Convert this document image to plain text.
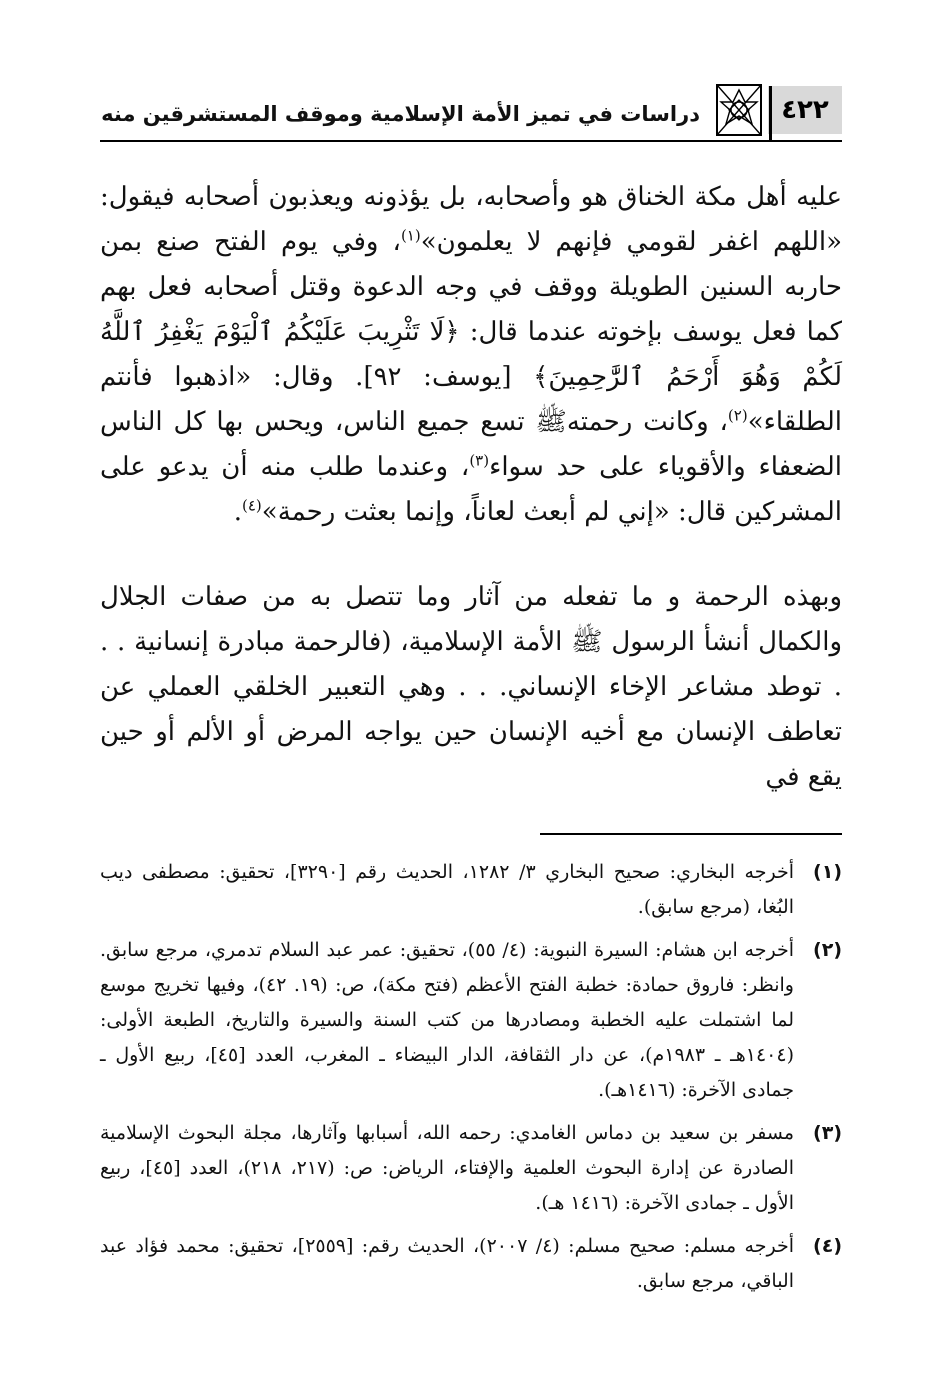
٤٢٢
دراسات في تميز الأمة الإسلامية وموقف المستشرقين منه

عليه أهل مكة الخناق هو وأصحابه، بل يؤذونه ويعذبون أصحابه فيقول: «اللهم اغفر لقومي فإنهم لا يعلمون»$^{(١)}$، وفي يوم الفتح صنع بمن حاربه السنين الطويلة ووقف في وجه الدعوة وقتل أصحابه فعل بهم كما فعل يوسف بإخوته عندما قال: ﴿لَا تَثْرِيبَ عَلَيْكُمُ ٱلْيَوْمَ يَغْفِرُ ٱللَّهُ لَكُمْ وَهُوَ أَرْحَمُ ٱلرَّٰحِمِينَ﴾ [يوسف: ٩٢]. وقال: «اذهبوا فأنتم الطلقاء»$^{(٢)}$، وكانت رحمتهﷺ تسع جميع الناس، ويحس بها كل الناس الضعفاء والأقوياء على حد سواء$^{(٣)}$، وعندما طلب منه أن يدعو على المشركين قال: «إني لم أبعث لعاناً، وإنما بعثت رحمة»$^{(٤)}$.

وبهذه الرحمة و ما تفعله من آثار وما تتصل به من صفات الجلال والكمال أنشأ الرسول ﷺ الأمة الإسلامية، (فالرحمة مبادرة إنسانية . . . توطد مشاعر الإخاء الإنساني. . . وهي التعبير الخلقي العملي عن تعاطف الإنسان مع أخيه الإنسان حين يواجه المرض أو الألم أو حين يقع في

(١)
أخرجه البخاري: صحيح البخاري ٣/ ١٢٨٢، الحديث رقم [٣٢٩٠]، تحقيق: مصطفى ديب البُغا، (مرجع سابق).
(٢)
أخرجه ابن هشام: السيرة النبوية: (٤/ ٥٥)، تحقيق: عمر عبد السلام تدمري، مرجع سابق. وانظر: فاروق حمادة: خطبة الفتح الأعظم (فتح مكة)، ص: (١٩. ٤٢)، وفيها تخريج موسع لما اشتملت عليه الخطبة ومصادرها من كتب السنة والسيرة والتاريخ، الطبعة الأولى: (١٤٠٤هـ ـ ١٩٨٣م)، عن دار الثقافة، الدار البيضاء ـ المغرب، العدد [٤٥]، ربيع الأول ـ جمادى الآخرة: (١٤١٦هـ).
(٣)
مسفر بن سعيد بن دماس الغامدي: رحمه الله، أسبابها وآثارها، مجلة البحوث الإسلامية الصادرة عن إدارة البحوث العلمية والإفتاء، الرياض: ص: (٢١٧، ٢١٨)، العدد [٤٥]، ربيع الأول ـ جمادى الآخرة: (١٤١٦ هـ).
(٤)
أخرجه مسلم: صحيح مسلم: (٤/ ٢٠٠٧)، الحديث رقم: [٢٥٥٩]، تحقيق: محمد فؤاد عبد الباقي، مرجع سابق.
